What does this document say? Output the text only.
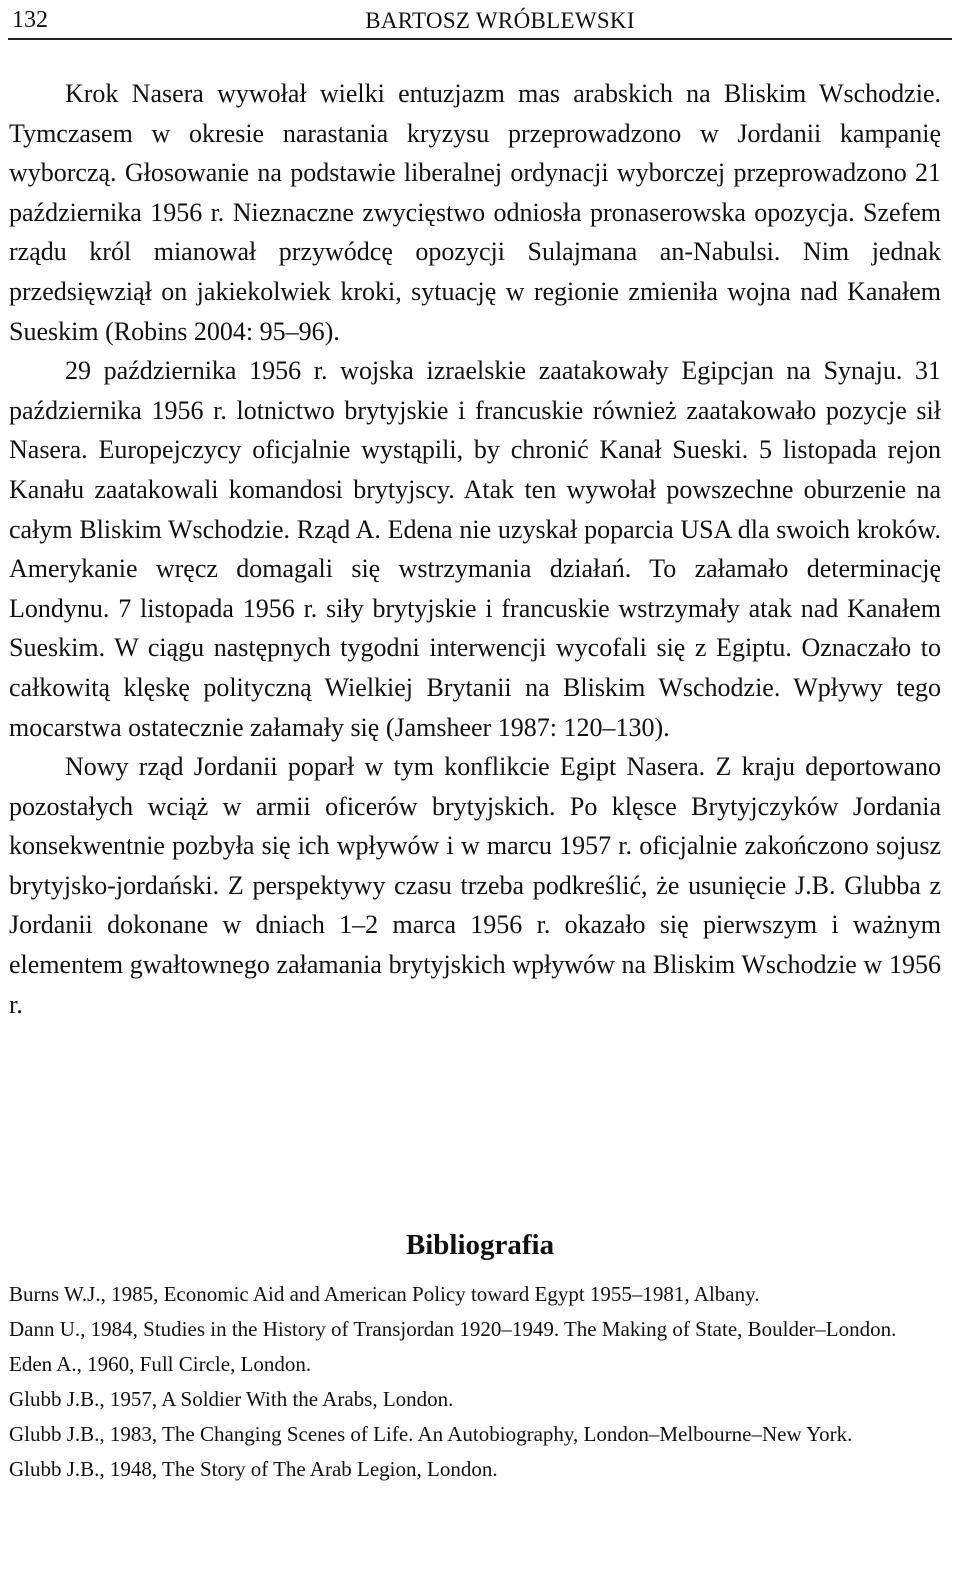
132	BARTOSZ WRÓBLEWSKI

Krok Nasera wywołał wielki entuzjazm mas arabskich na Bliskim Wschodzie. Tymczasem w okresie narastania kryzysu przeprowadzono w Jordanii kampanię wyborczą. Głosowanie na podstawie liberalnej ordynacji wyborczej przeprowadzono 21 października 1956 r. Nieznaczne zwycięstwo odniosła pronaserowska opozycja. Szefem rządu król mianował przywódcę opozycji Sulajmana an-Nabulsi. Nim jednak przedsięwziął on jakiekolwiek kroki, sytuację w regionie zmieniła wojna nad Kanałem Sueskim (Robins 2004: 95–96).

29 października 1956 r. wojska izraelskie zaatakowały Egipcjan na Synaju. 31 października 1956 r. lotnictwo brytyjskie i francuskie również zaatakowało pozycje sił Nasera. Europejczycy oficjalnie wystąpili, by chronić Kanał Sueski. 5 listopada rejon Kanału zaatakowali komandosi brytyjscy. Atak ten wywołał powszechne oburzenie na całym Bliskim Wschodzie. Rząd A. Edena nie uzyskał poparcia USA dla swoich kroków. Amerykanie wręcz domagali się wstrzymania działań. To załamało determinację Londynu. 7 listopada 1956 r. siły brytyjskie i francuskie wstrzymały atak nad Kanałem Sueskim. W ciągu następnych tygodni interwencji wycofali się z Egiptu. Oznaczało to całkowitą klęskę polityczną Wielkiej Brytanii na Bliskim Wschodzie. Wpływy tego mocarstwa ostatecznie załamały się (Jamsheer 1987: 120–130).

Nowy rząd Jordanii poparł w tym konflikcie Egipt Nasera. Z kraju deportowano pozostałych wciąż w armii oficerów brytyjskich. Po klęsce Brytyjczyków Jordania konsekwentnie pozbyła się ich wpływów i w marcu 1957 r. oficjalnie zakończono sojusz brytyjsko-jordański. Z perspektywy czasu trzeba podkreślić, że usunięcie J.B. Glubba z Jordanii dokonane w dniach 1–2 marca 1956 r. okazało się pierwszym i ważnym elementem gwałtownego załamania brytyjskich wpływów na Bliskim Wschodzie w 1956 r.

Bibliografia
Burns W.J., 1985, Economic Aid and American Policy toward Egypt 1955–1981, Albany.
Dann U., 1984, Studies in the History of Transjordan 1920–1949. The Making of State, Boulder–London.
Eden A., 1960, Full Circle, London.
Glubb J.B., 1957, A Soldier With the Arabs, London.
Glubb J.B., 1983, The Changing Scenes of Life. An Autobiography, London–Melbourne–New York.
Glubb J.B., 1948, The Story of The Arab Legion, London.
